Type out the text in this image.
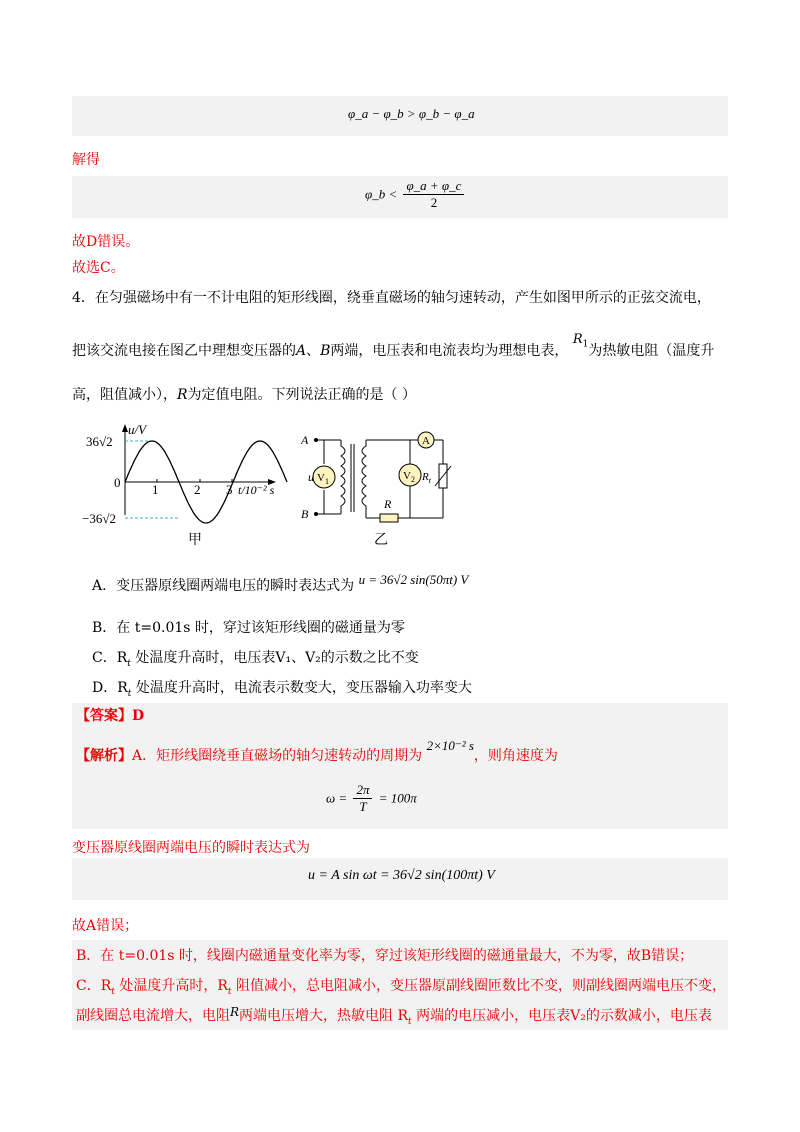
φ_a − φ_b > φ_b − φ_a
解得
φ_b < $\frac{\varphi\_a + \varphi\_c}{2}$
故D错误。
故选C。
4．在匀强磁场中有一不计电阻的矩形线圈，绕垂直磁场的轴匀速转动，产生如图甲所示的正弦交流电，
把该交流电接在图乙中理想变压器的A、B两端，电压表和电流表均为理想电表， $R_1$为热敏电阻（温度升
高，阻值减小），R为定值电阻。下列说法正确的是（ ）
u/V
36√2
−36√2
0 1	2 3 t/10⁻² s
甲
A
B
$V_1$
u
A
$R_t$
$V_2$
R
乙
A．变压器原线圈两端电压的瞬时表达式为 u = 36√2 sin(50πt) V
B．在 t=0.01s 时，穿过该矩形线圈的磁通量为零
C．$R_t$ 处温度升高时，电压表V₁、V₂的示数之比不变
D．$R_t$ 处温度升高时，电流表示数变大，变压器输入功率变大
【答案】D
【解析】A．矩形线圈绕垂直磁场的轴匀速转动的周期为 2×10⁻² s，则角速度为
$\omega = \frac{2\pi}{T} = 100\pi$
变压器原线圈两端电压的瞬时表达式为
u = A sin ωt = 36√2 sin(100πt) V
故A错误；
B．在 t=0.01s 时，线圈内磁通量变化率为零，穿过该矩形线圈的磁通量最大，不为零，故B错误；
C．$R_t$ 处温度升高时，$R_t$ 阻值减小，总电阻减小，变压器原副线圈匝数比不变，则副线圈两端电压不变，
副线圈总电流增大，电阻R两端电压增大，热敏电阻 $R_t$ 两端的电压减小，电压表V₂的示数减小，电压表
